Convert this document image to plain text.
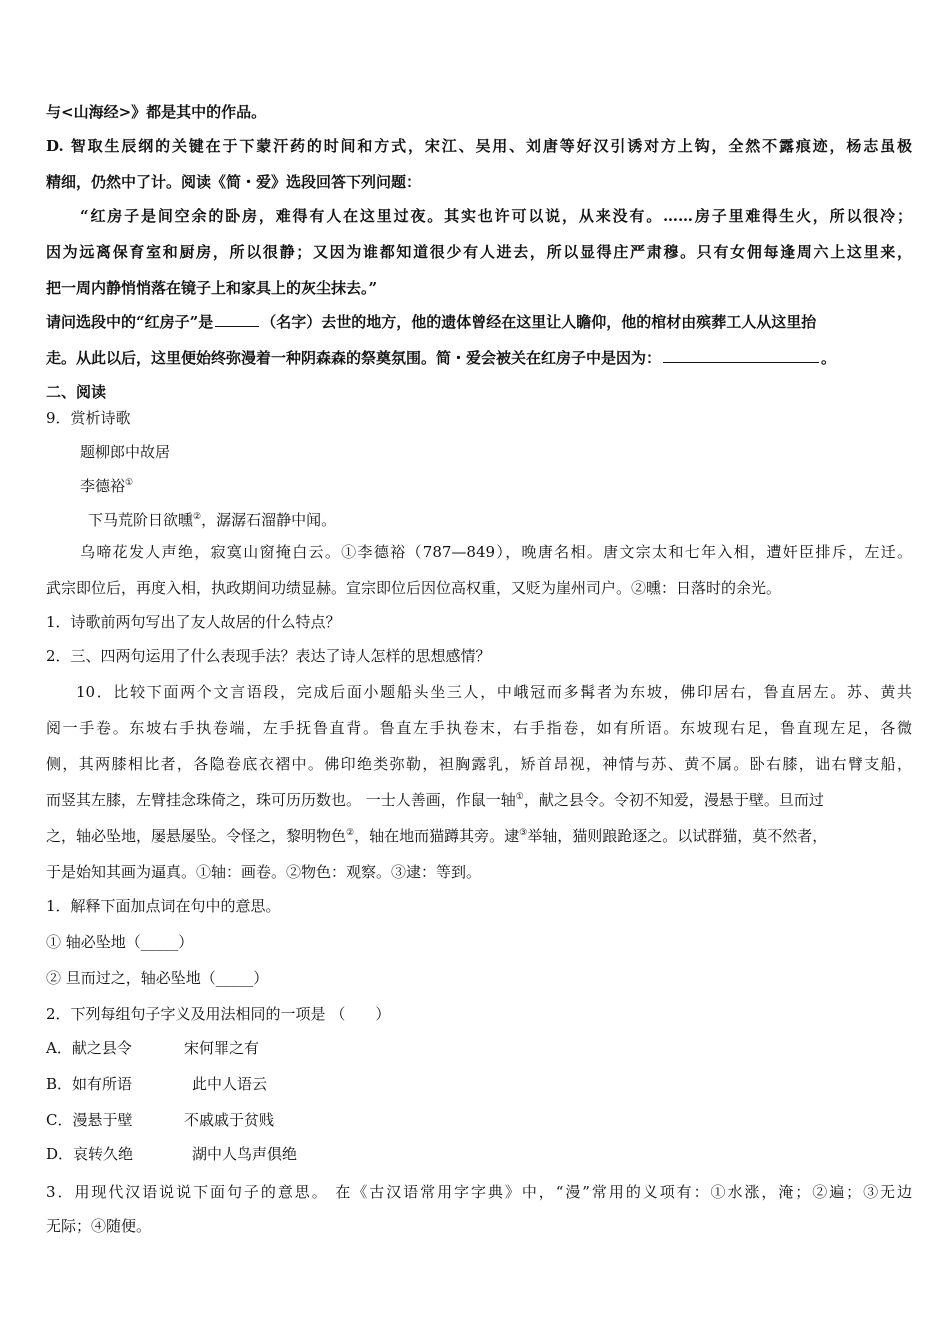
与<山海经>》都是其中的作品。
D. 智取生辰纲的关键在于下蒙汗药的时间和方式，宋江、吴用、刘唐等好汉引诱对方上钩，全然不露痕迹，杨志虽极
精细，仍然中了计。阅读《简・爱》选段回答下列问题：
“红房子是间空余的卧房，难得有人在这里过夜。其实也许可以说，从来没有。……房子里难得生火，所以很冷；
因为远离保育室和厨房，所以很静；又因为谁都知道很少有人进去，所以显得庄严肃穆。只有女佣每逢周六上这里来，
把一周内静悄悄落在镜子上和家具上的灰尘抹去。”
请问选段中的“红房子”是	（名字）去世的地方，他的遗体曾经在这里让人瞻仰，他的棺材由殡葬工人从这里抬
走。从此以后，这里便始终弥漫着一种阴森森的祭奠氛围。简・爱会被关在红房子中是因为：	。
二、阅读
9．赏析诗歌
题柳郎中故居
李德裕①
下马荒阶日欲曛②，潺潺石溜静中闻。
乌啼花发人声绝，寂寞山窗掩白云。①李德裕（787—849），晚唐名相。唐文宗太和七年入相，遭奸臣排斥，左迁。
武宗即位后，再度入相，执政期间功绩显赫。宣宗即位后因位高权重，又贬为崖州司户。②曛：日落时的余光。
1．诗歌前两句写出了友人故居的什么特点？
2．三、四两句运用了什么表现手法？表达了诗人怎样的思想感情？
10．比较下面两个文言语段，完成后面小题船头坐三人，中峨冠而多髯者为东坡，佛印居右，鲁直居左。苏、黄共
阅一手卷。东坡右手执卷端，左手抚鲁直背。鲁直左手执卷末，右手指卷，如有所语。东坡现右足，鲁直现左足，各微
侧，其两膝相比者，各隐卷底衣褶中。佛印绝类弥勒，袒胸露乳，矫首昂视，神情与苏、黄不属。卧右膝，诎右臂支船，
而竖其左膝，左臂挂念珠倚之，珠可历历数也。 一士人善画，作鼠一轴①，献之县令。令初不知爱，漫悬于壁。旦而过
之，轴必坠地，屡悬屡坠。令怪之，黎明物色②，轴在地而猫蹲其旁。逮③举轴，猫则踉跄逐之。以试群猫，莫不然者，
于是始知其画为逼真。①轴：画卷。②物色：观察。③逮：等到。
1．解释下面加点词在句中的意思。
① 轴必坠地（_____）
② 旦而过之，轴必坠地（_____）
2．下列每组句子字义及用法相同的一项是 （　　）
A．献之县令	宋何罪之有
B．如有所语	此中人语云
C．漫悬于壁	不戚戚于贫贱
D．哀转久绝	湖中人鸟声俱绝
3．用现代汉语说说下面句子的意思。 在《古汉语常用字字典》中，“漫”常用的义项有：①水涨，淹；②遍；③无边
无际；④随便。
